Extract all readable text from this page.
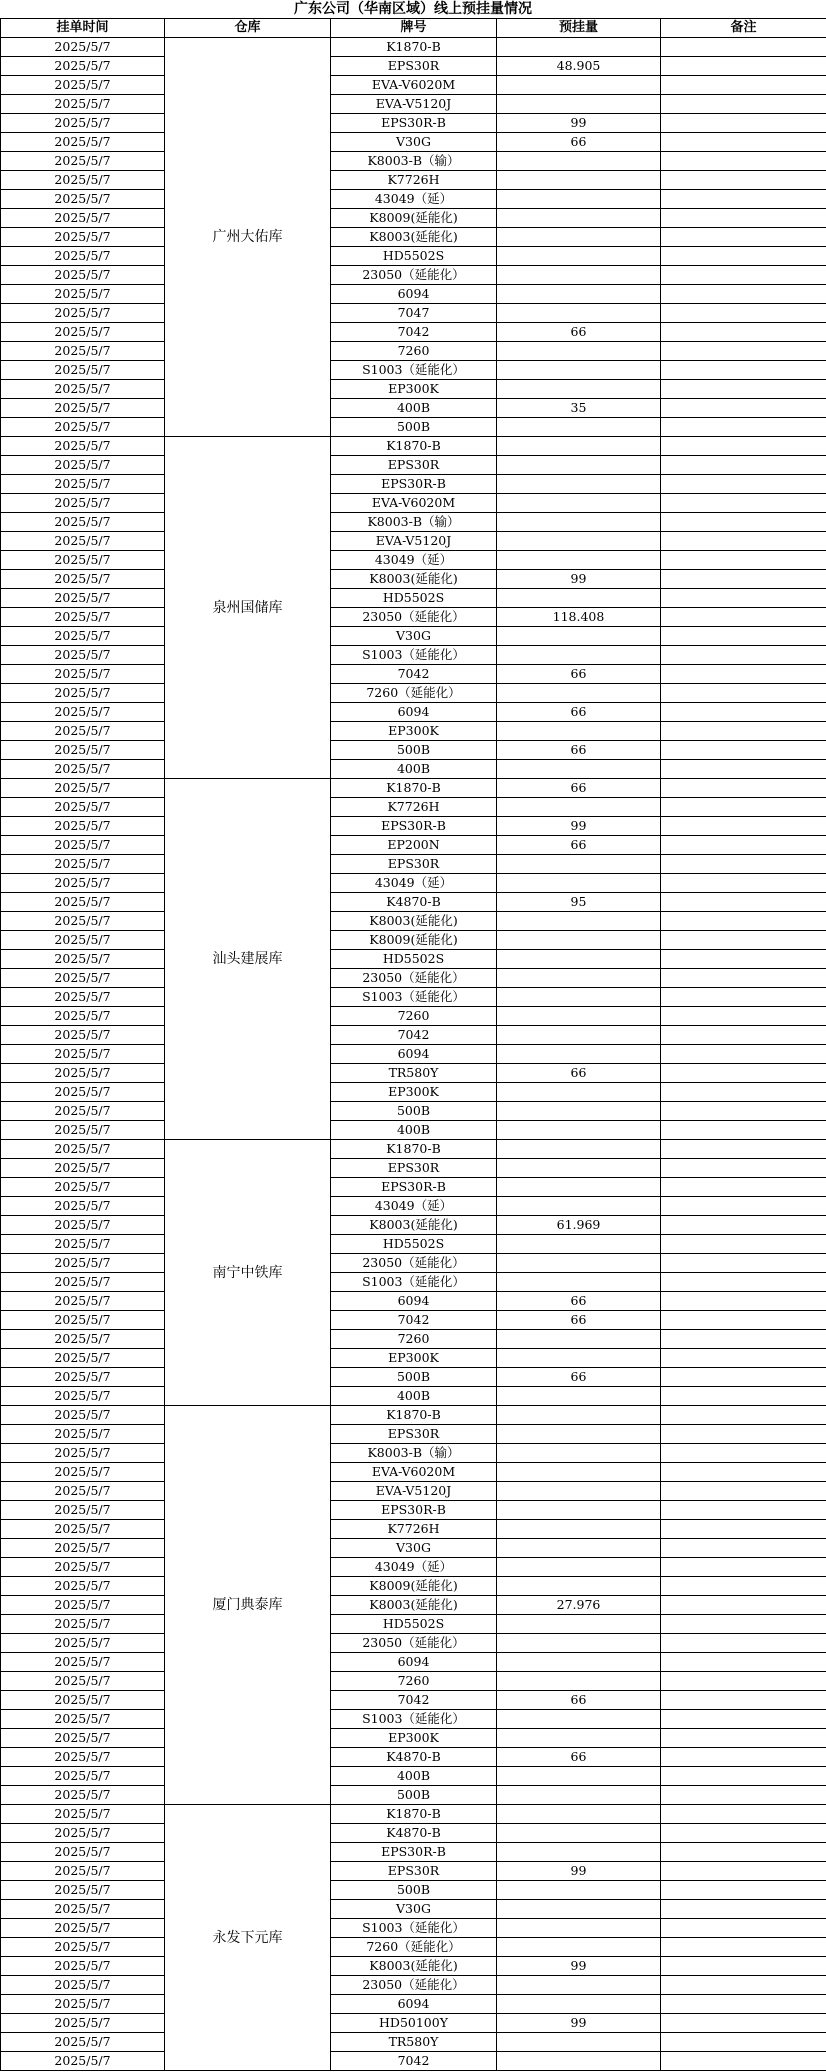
广东公司（华南区域）线上预挂量情况
挂单时间	仓库	牌号	预挂量	备注
2025/5/7	广州大佑库	K1870-B		
2025/5/7		EPS30R	48.905	
2025/5/7		EVA-V6020M		
2025/5/7		EVA-V5120J		
2025/5/7		EPS30R-B	99	
2025/5/7		V30G	66	
2025/5/7		K8003-B（输）		
2025/5/7		K7726H		
2025/5/7		43049（延）		
2025/5/7		K8009(延能化)		
2025/5/7		K8003(延能化)		
2025/5/7		HD5502S		
2025/5/7		23050（延能化）		
2025/5/7		6094		
2025/5/7		7047		
2025/5/7		7042	66	
2025/5/7		7260		
2025/5/7		S1003（延能化）		
2025/5/7		EP300K		
2025/5/7		400B	35	
2025/5/7		500B		
2025/5/7	泉州国储库	K1870-B		
2025/5/7		EPS30R		
2025/5/7		EPS30R-B		
2025/5/7		EVA-V6020M		
2025/5/7		K8003-B（输）		
2025/5/7		EVA-V5120J		
2025/5/7		43049（延）		
2025/5/7		K8003(延能化)	99	
2025/5/7		HD5502S		
2025/5/7		23050（延能化）	118.408	
2025/5/7		V30G		
2025/5/7		S1003（延能化）		
2025/5/7		7042	66	
2025/5/7		7260（延能化）		
2025/5/7		6094	66	
2025/5/7		EP300K		
2025/5/7		500B	66	
2025/5/7		400B		
2025/5/7	汕头建展库	K1870-B	66	
2025/5/7		K7726H		
2025/5/7		EPS30R-B	99	
2025/5/7		EP200N	66	
2025/5/7		EPS30R		
2025/5/7		43049（延）		
2025/5/7		K4870-B	95	
2025/5/7		K8003(延能化)		
2025/5/7		K8009(延能化)		
2025/5/7		HD5502S		
2025/5/7		23050（延能化）		
2025/5/7		S1003（延能化）		
2025/5/7		7260		
2025/5/7		7042		
2025/5/7		6094		
2025/5/7		TR580Y	66	
2025/5/7		EP300K		
2025/5/7		500B		
2025/5/7		400B		
2025/5/7	南宁中铁库	K1870-B		
2025/5/7		EPS30R		
2025/5/7		EPS30R-B		
2025/5/7		43049（延）		
2025/5/7		K8003(延能化)	61.969	
2025/5/7		HD5502S		
2025/5/7		23050（延能化）		
2025/5/7		S1003（延能化）		
2025/5/7		6094	66	
2025/5/7		7042	66	
2025/5/7		7260		
2025/5/7		EP300K		
2025/5/7		500B	66	
2025/5/7		400B		
2025/5/7	厦门典泰库	K1870-B		
2025/5/7		EPS30R		
2025/5/7		K8003-B（输）		
2025/5/7		EVA-V6020M		
2025/5/7		EVA-V5120J		
2025/5/7		EPS30R-B		
2025/5/7		K7726H		
2025/5/7		V30G		
2025/5/7		43049（延）		
2025/5/7		K8009(延能化)		
2025/5/7		K8003(延能化)	27.976	
2025/5/7		HD5502S		
2025/5/7		23050（延能化）		
2025/5/7		6094		
2025/5/7		7260		
2025/5/7		7042	66	
2025/5/7		S1003（延能化）		
2025/5/7		EP300K		
2025/5/7		K4870-B	66	
2025/5/7		400B		
2025/5/7		500B		
2025/5/7	永发下元库	K1870-B		
2025/5/7		K4870-B		
2025/5/7		EPS30R-B		
2025/5/7		EPS30R	99	
2025/5/7		500B		
2025/5/7		V30G		
2025/5/7		S1003（延能化）		
2025/5/7		7260（延能化）		
2025/5/7		K8003(延能化)	99	
2025/5/7		23050（延能化）		
2025/5/7		6094		
2025/5/7		HD50100Y	99	
2025/5/7		TR580Y		
2025/5/7		7042		
